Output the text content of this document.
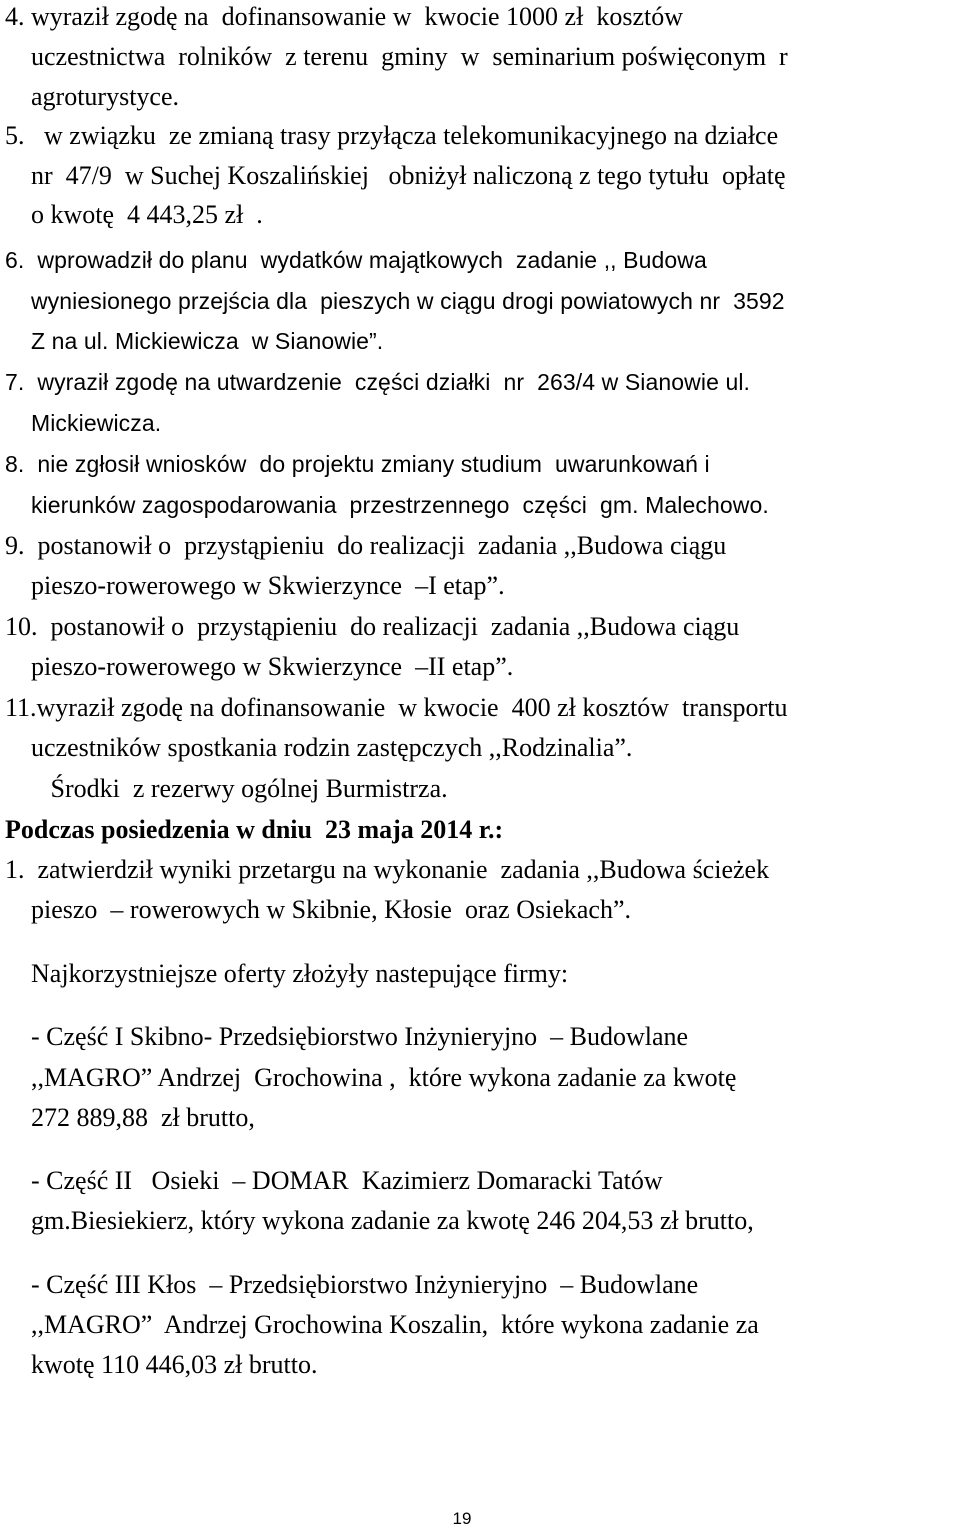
4. wyraził zgodę na  dofinansowanie w  kwocie 1000 zł  kosztów
uczestnictwa  rolników  z terenu  gminy  w  seminarium poświęconym  r
agroturystyce.
5.   w związku  ze zmianą trasy przyłącza telekomunikacyjnego na działce
nr  47/9  w Suchej Koszalińskiej   obniżył naliczoną z tego tytułu  opłatę
o kwotę  4 443,25 zł  .
6.  wprowadził do planu  wydatków majątkowych  zadanie ,, Budowa
wyniesionego przejścia dla  pieszych w ciągu drogi powiatowych nr  3592
Z na ul. Mickiewicza  w Sianowie”.
7.  wyraził zgodę na utwardzenie  części działki  nr  263/4 w Sianowie ul.
Mickiewicza.
8.  nie zgłosił wniosków  do projektu zmiany studium  uwarunkowań i
kierunków zagospodarowania  przestrzennego  części  gm. Malechowo.
9.  postanowił o  przystąpieniu  do realizacji  zadania ,,Budowa ciągu
pieszo-rowerowego w Skwierzynce  –I etap”.
10.  postanowił o  przystąpieniu  do realizacji  zadania ,,Budowa ciągu
pieszo-rowerowego w Skwierzynce  –II etap”.
11.wyraził zgodę na dofinansowanie  w kwocie  400 zł kosztów  transportu
uczestników spostkania rodzin zastępczych ,,Rodzinalia”.
Środki  z rezerwy ogólnej Burmistrza.
Podczas posiedzenia w dniu  23 maja 2014 r.:
1.  zatwierdził wyniki przetargu na wykonanie  zadania ,,Budowa ścieżek
pieszo  – rowerowych w Skibnie, Kłosie  oraz Osiekach”.
Najkorzystniejsze oferty złożyły nastepujące firmy:
- Część I Skibno- Przedsiębiorstwo Inżynieryjno  – Budowlane
,,MAGRO” Andrzej  Grochowina ,  które wykona zadanie za kwotę
272 889,88  zł brutto,
- Część II   Osieki  – DOMAR  Kazimierz Domaracki Tatów
gm.Biesiekierz, który wykona zadanie za kwotę 246 204,53 zł brutto,
- Część III Kłos  – Przedsiębiorstwo Inżynieryjno  – Budowlane
,,MAGRO”  Andrzej Grochowina Koszalin,  które wykona zadanie za
kwotę 110 446,03 zł brutto.
19
